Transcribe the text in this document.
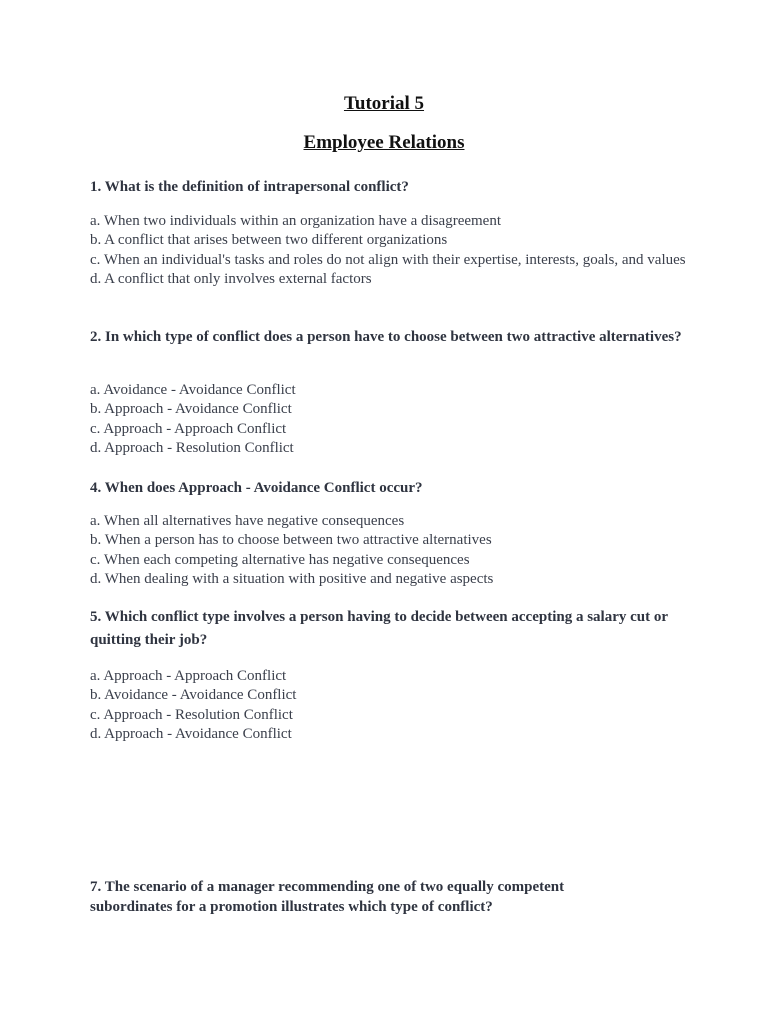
Tutorial 5
Employee Relations
1. What is the definition of intrapersonal conflict?
a. When two individuals within an organization have a disagreement
b. A conflict that arises between two different organizations
c. When an individual's tasks and roles do not align with their expertise, interests, goals, and values
d. A conflict that only involves external factors
2. In which type of conflict does a person have to choose between two attractive alternatives?
a. Avoidance - Avoidance Conflict
b. Approach - Avoidance Conflict
c. Approach - Approach Conflict
d. Approach - Resolution Conflict
4. When does Approach - Avoidance Conflict occur?
a. When all alternatives have negative consequences
b. When a person has to choose between two attractive alternatives
c. When each competing alternative has negative consequences
d. When dealing with a situation with positive and negative aspects
5. Which conflict type involves a person having to decide between accepting a salary cut or quitting their job?
a. Approach - Approach Conflict
b. Avoidance - Avoidance Conflict
c. Approach - Resolution Conflict
d. Approach - Avoidance Conflict
7. The scenario of a manager recommending one of two equally competent subordinates for a promotion illustrates which type of conflict?
